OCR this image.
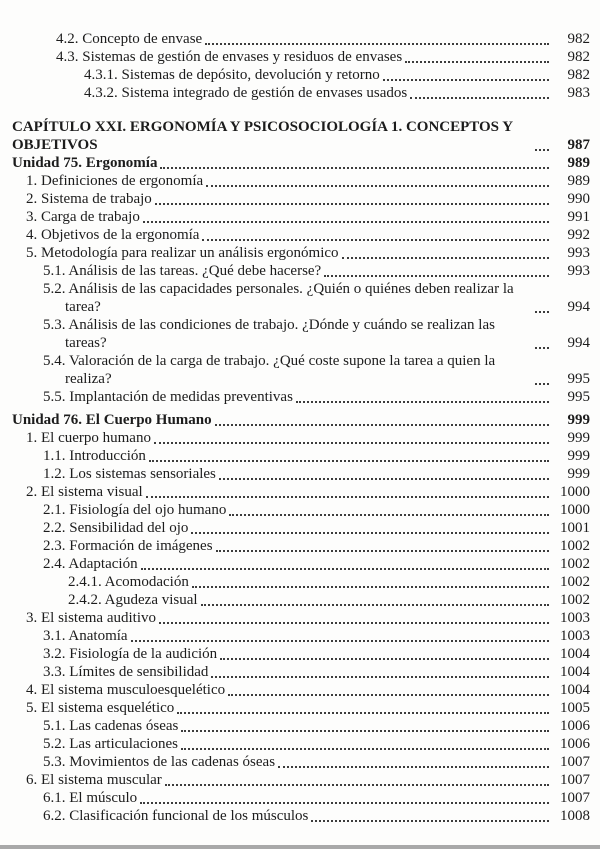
4.2. Concepto de envase	982
4.3. Sistemas de gestión de envases y residuos de envases	982
4.3.1. Sistemas de depósito, devolución y retorno	982
4.3.2. Sistema integrado de gestión de envases usados	983
CAPÍTULO XXI. ERGONOMÍA Y PSICOSOCIOLOGÍA 1. CONCEPTOS Y OBJETIVOS	987
Unidad 75. Ergonomía	989
1. Definiciones de ergonomía	989
2. Sistema de trabajo	990
3. Carga de trabajo	991
4. Objetivos de la ergonomía	992
5. Metodología para realizar un análisis ergonómico	993
5.1. Análisis de las tareas. ¿Qué debe hacerse?	993
5.2. Análisis de las capacidades personales. ¿Quién o quiénes deben realizar la tarea?	994
5.3. Análisis de las condiciones de trabajo. ¿Dónde y cuándo se realizan las tareas?	994
5.4. Valoración de la carga de trabajo. ¿Qué coste supone la tarea a quien la realiza?	995
5.5. Implantación de medidas preventivas	995
Unidad 76. El Cuerpo Humano	999
1. El cuerpo humano	999
1.1. Introducción	999
1.2. Los sistemas sensoriales	999
2. El sistema visual	1000
2.1. Fisiología del ojo humano	1000
2.2. Sensibilidad del ojo	1001
2.3. Formación de imágenes	1002
2.4. Adaptación	1002
2.4.1. Acomodación	1002
2.4.2. Agudeza visual	1002
3. El sistema auditivo	1003
3.1. Anatomía	1003
3.2. Fisiología de la audición	1004
3.3. Límites de sensibilidad	1004
4. El sistema musculoesquelético	1004
5. El sistema esquelético	1005
5.1. Las cadenas óseas	1006
5.2. Las articulaciones	1006
5.3. Movimientos de las cadenas óseas	1007
6. El sistema muscular	1007
6.1. El músculo	1007
6.2. Clasificación funcional de los músculos	1008
